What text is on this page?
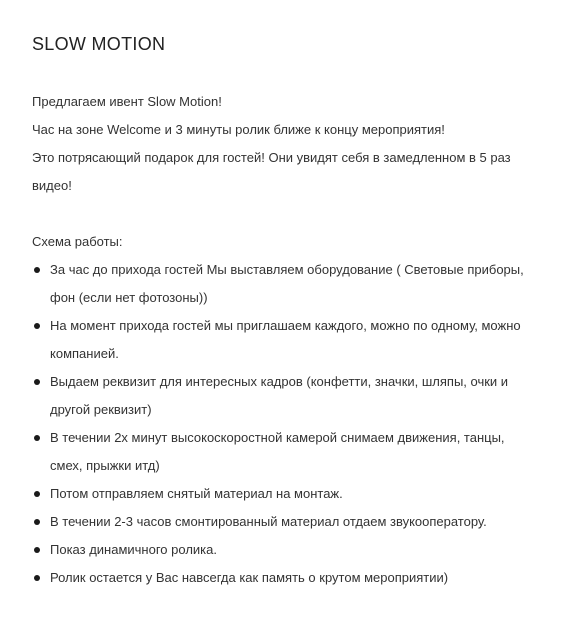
SLOW MOTION

Предлагаем ивент Slow Motion!

Час на зоне Welcome и 3 минуты ролик ближе к концу мероприятия!

Это потрясающий подарок для гостей! Они увидят себя в замедленном в 5 раз видео!

Схема работы:

За час до прихода гостей Мы выставляем оборудование ( Световые приборы, фон (если нет фотозоны))
На момент прихода гостей мы приглашаем каждого, можно по одному, можно компанией.
Выдаем реквизит для интересных кадров (конфетти, значки, шляпы, очки и другой реквизит)
В течении 2х минут высокоскоростной камерой снимаем движения, танцы, смех, прыжки итд)
Потом отправляем снятый материал на монтаж.
В течении 2-3 часов смонтированный материал отдаем звукооператору.
Показ динамичного ролика.
Ролик остается у Вас навсегда как память о крутом мероприятии)
